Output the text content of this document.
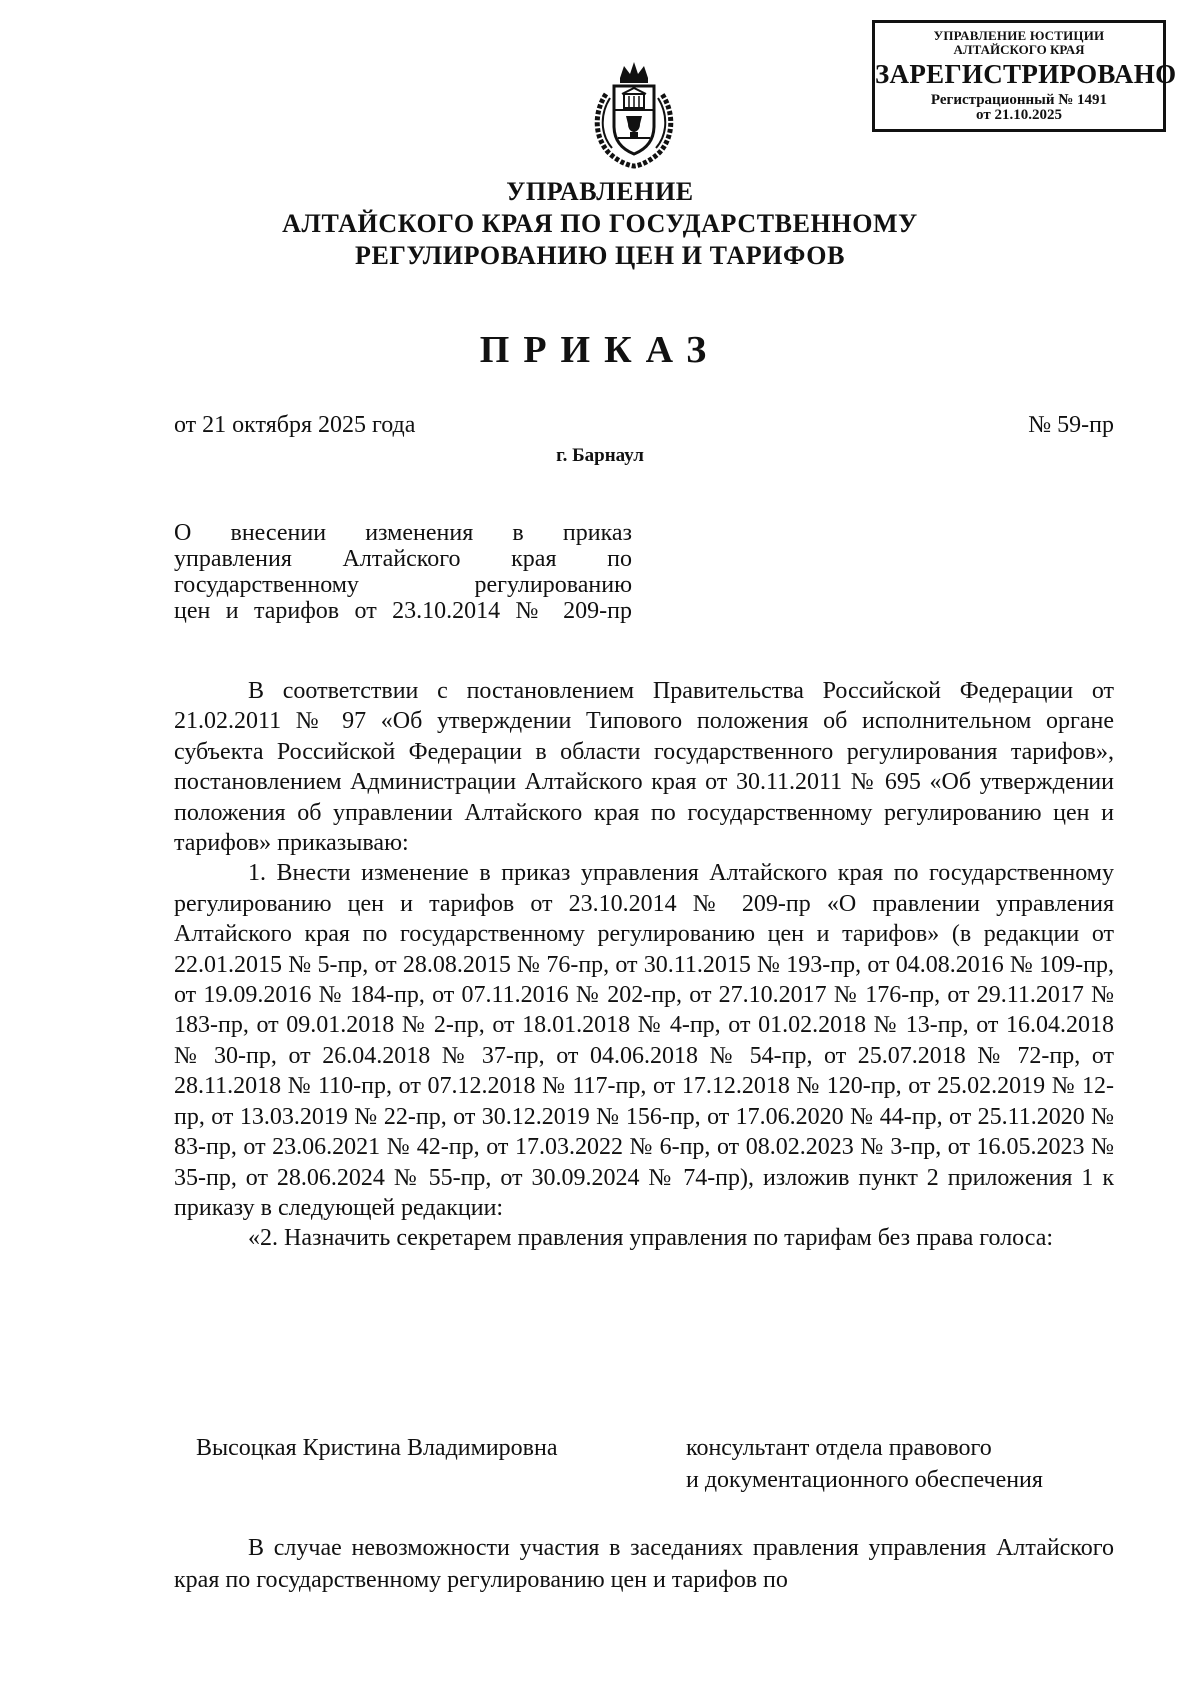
УПРАВЛЕНИЕ ЮСТИЦИИ
АЛТАЙСКОГО КРАЯ
ЗАРЕГИСТРИРОВАНО
Регистрационный № 1491
от 21.10.2025
УПРАВЛЕНИЕ
АЛТАЙСКОГО КРАЯ ПО ГОСУДАРСТВЕННОМУ
РЕГУЛИРОВАНИЮ ЦЕН И ТАРИФОВ
ПРИКАЗ
от 21 октября 2025 года	№ 59-пр
г. Барнаул
О внесении изменения в приказ
управления Алтайского края по
государственному регулированию
цен и тарифов от 23.10.2014 № 209-пр

В соответствии с постановлением Правительства Российской Федерации от 21.02.2011 № 97 «Об утверждении Типового положения об исполнительном органе субъекта Российской Федерации в области государственного регулирования тарифов», постановлением Администрации Алтайского края от 30.11.2011 № 695 «Об утверждении положения об управлении Алтайского края по государственному регулированию цен и тарифов» приказываю:

1. Внести изменение в приказ управления Алтайского края по государственному регулированию цен и тарифов от 23.10.2014 № 209-пр «О правлении управления Алтайского края по государственному регулированию цен и тарифов» (в редакции от 22.01.2015 № 5-пр, от 28.08.2015 № 76-пр, от 30.11.2015 № 193-пр, от 04.08.2016 № 109-пр, от 19.09.2016 № 184-пр, от 07.11.2016 № 202-пр, от 27.10.2017 № 176-пр, от 29.11.2017 № 183-пр, от 09.01.2018 № 2-пр, от 18.01.2018 № 4-пр, от 01.02.2018 № 13-пр, от 16.04.2018 № 30-пр, от 26.04.2018 № 37-пр, от 04.06.2018 № 54-пр, от 25.07.2018 № 72-пр, от 28.11.2018 № 110-пр, от 07.12.2018 № 117-пр, от 17.12.2018 № 120-пр, от 25.02.2019 № 12-пр, от 13.03.2019 № 22-пр, от 30.12.2019 № 156-пр, от 17.06.2020 № 44-пр, от 25.11.2020 № 83-пр, от 23.06.2021 № 42-пр, от 17.03.2022 № 6-пр, от 08.02.2023 № 3-пр, от 16.05.2023 № 35-пр, от 28.06.2024 № 55-пр, от 30.09.2024 № 74-пр), изложив пункт 2 приложения 1 к приказу в следующей редакции:

«2. Назначить секретарем правления управления по тарифам без права голоса:

Высоцкая Кристина Владимировна	консультант отдела правового
и документационного обеспечения

В случае невозможности участия в заседаниях правления управления Алтайского края по государственному регулированию цен и тарифов по
